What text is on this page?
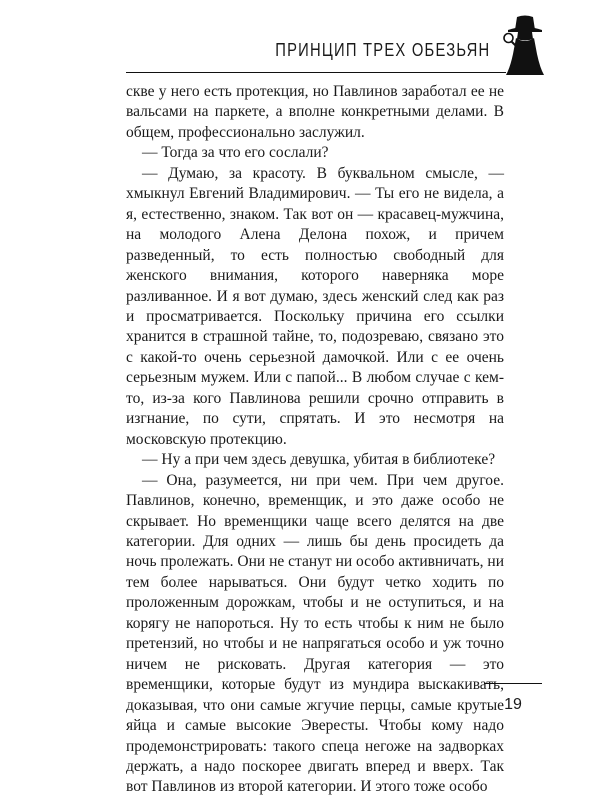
ПРИНЦИП ТРЕХ ОБЕЗЬЯН

скве у него есть протекция, но Павлинов заработал ее не вальсами на паркете, а вполне конкретными делами. В общем, профессионально заслужил.

— Тогда за что его сослали?

— Думаю, за красоту. В буквальном смысле, — хмыкнул Евгений Владимирович. — Ты его не видела, а я, естественно, знаком. Так вот он — красавец-мужчина, на молодого Алена Делона похож, и причем разведенный, то есть полностью свободный для женского внимания, которого наверняка море разливанное. И я вот думаю, здесь женский след как раз и просматривается. Поскольку причина его ссылки хранится в страшной тайне, то, подозреваю, связано это с какой-то очень серьезной дамочкой. Или с ее очень серьезным мужем. Или с папой... В любом случае с кем-то, из-за кого Павлинова решили срочно отправить в изгнание, по сути, спрятать. И это несмотря на московскую протекцию.

— Ну а при чем здесь девушка, убитая в библиотеке?

— Она, разумеется, ни при чем. При чем другое. Павлинов, конечно, временщик, и это даже особо не скрывает. Но временщики чаще всего делятся на две категории. Для одних — лишь бы день просидеть да ночь пролежать. Они не станут ни особо активничать, ни тем более нарываться. Они будут четко ходить по проложенным дорожкам, чтобы и не оступиться, и на корягу не напороться. Ну то есть чтобы к ним не было претензий, но чтобы и не напрягаться особо и уж точно ничем не рисковать. Другая категория — это временщики, которые будут из мундира выскакивать, доказывая, что они самые жгучие перцы, самые крутые яйца и самые высокие Эвересты. Чтобы кому надо продемонстрировать: такого спеца негоже на задворках держать, а надо поскорее двигать вперед и вверх. Так вот Павлинов из второй категории. И этого тоже особо

19
